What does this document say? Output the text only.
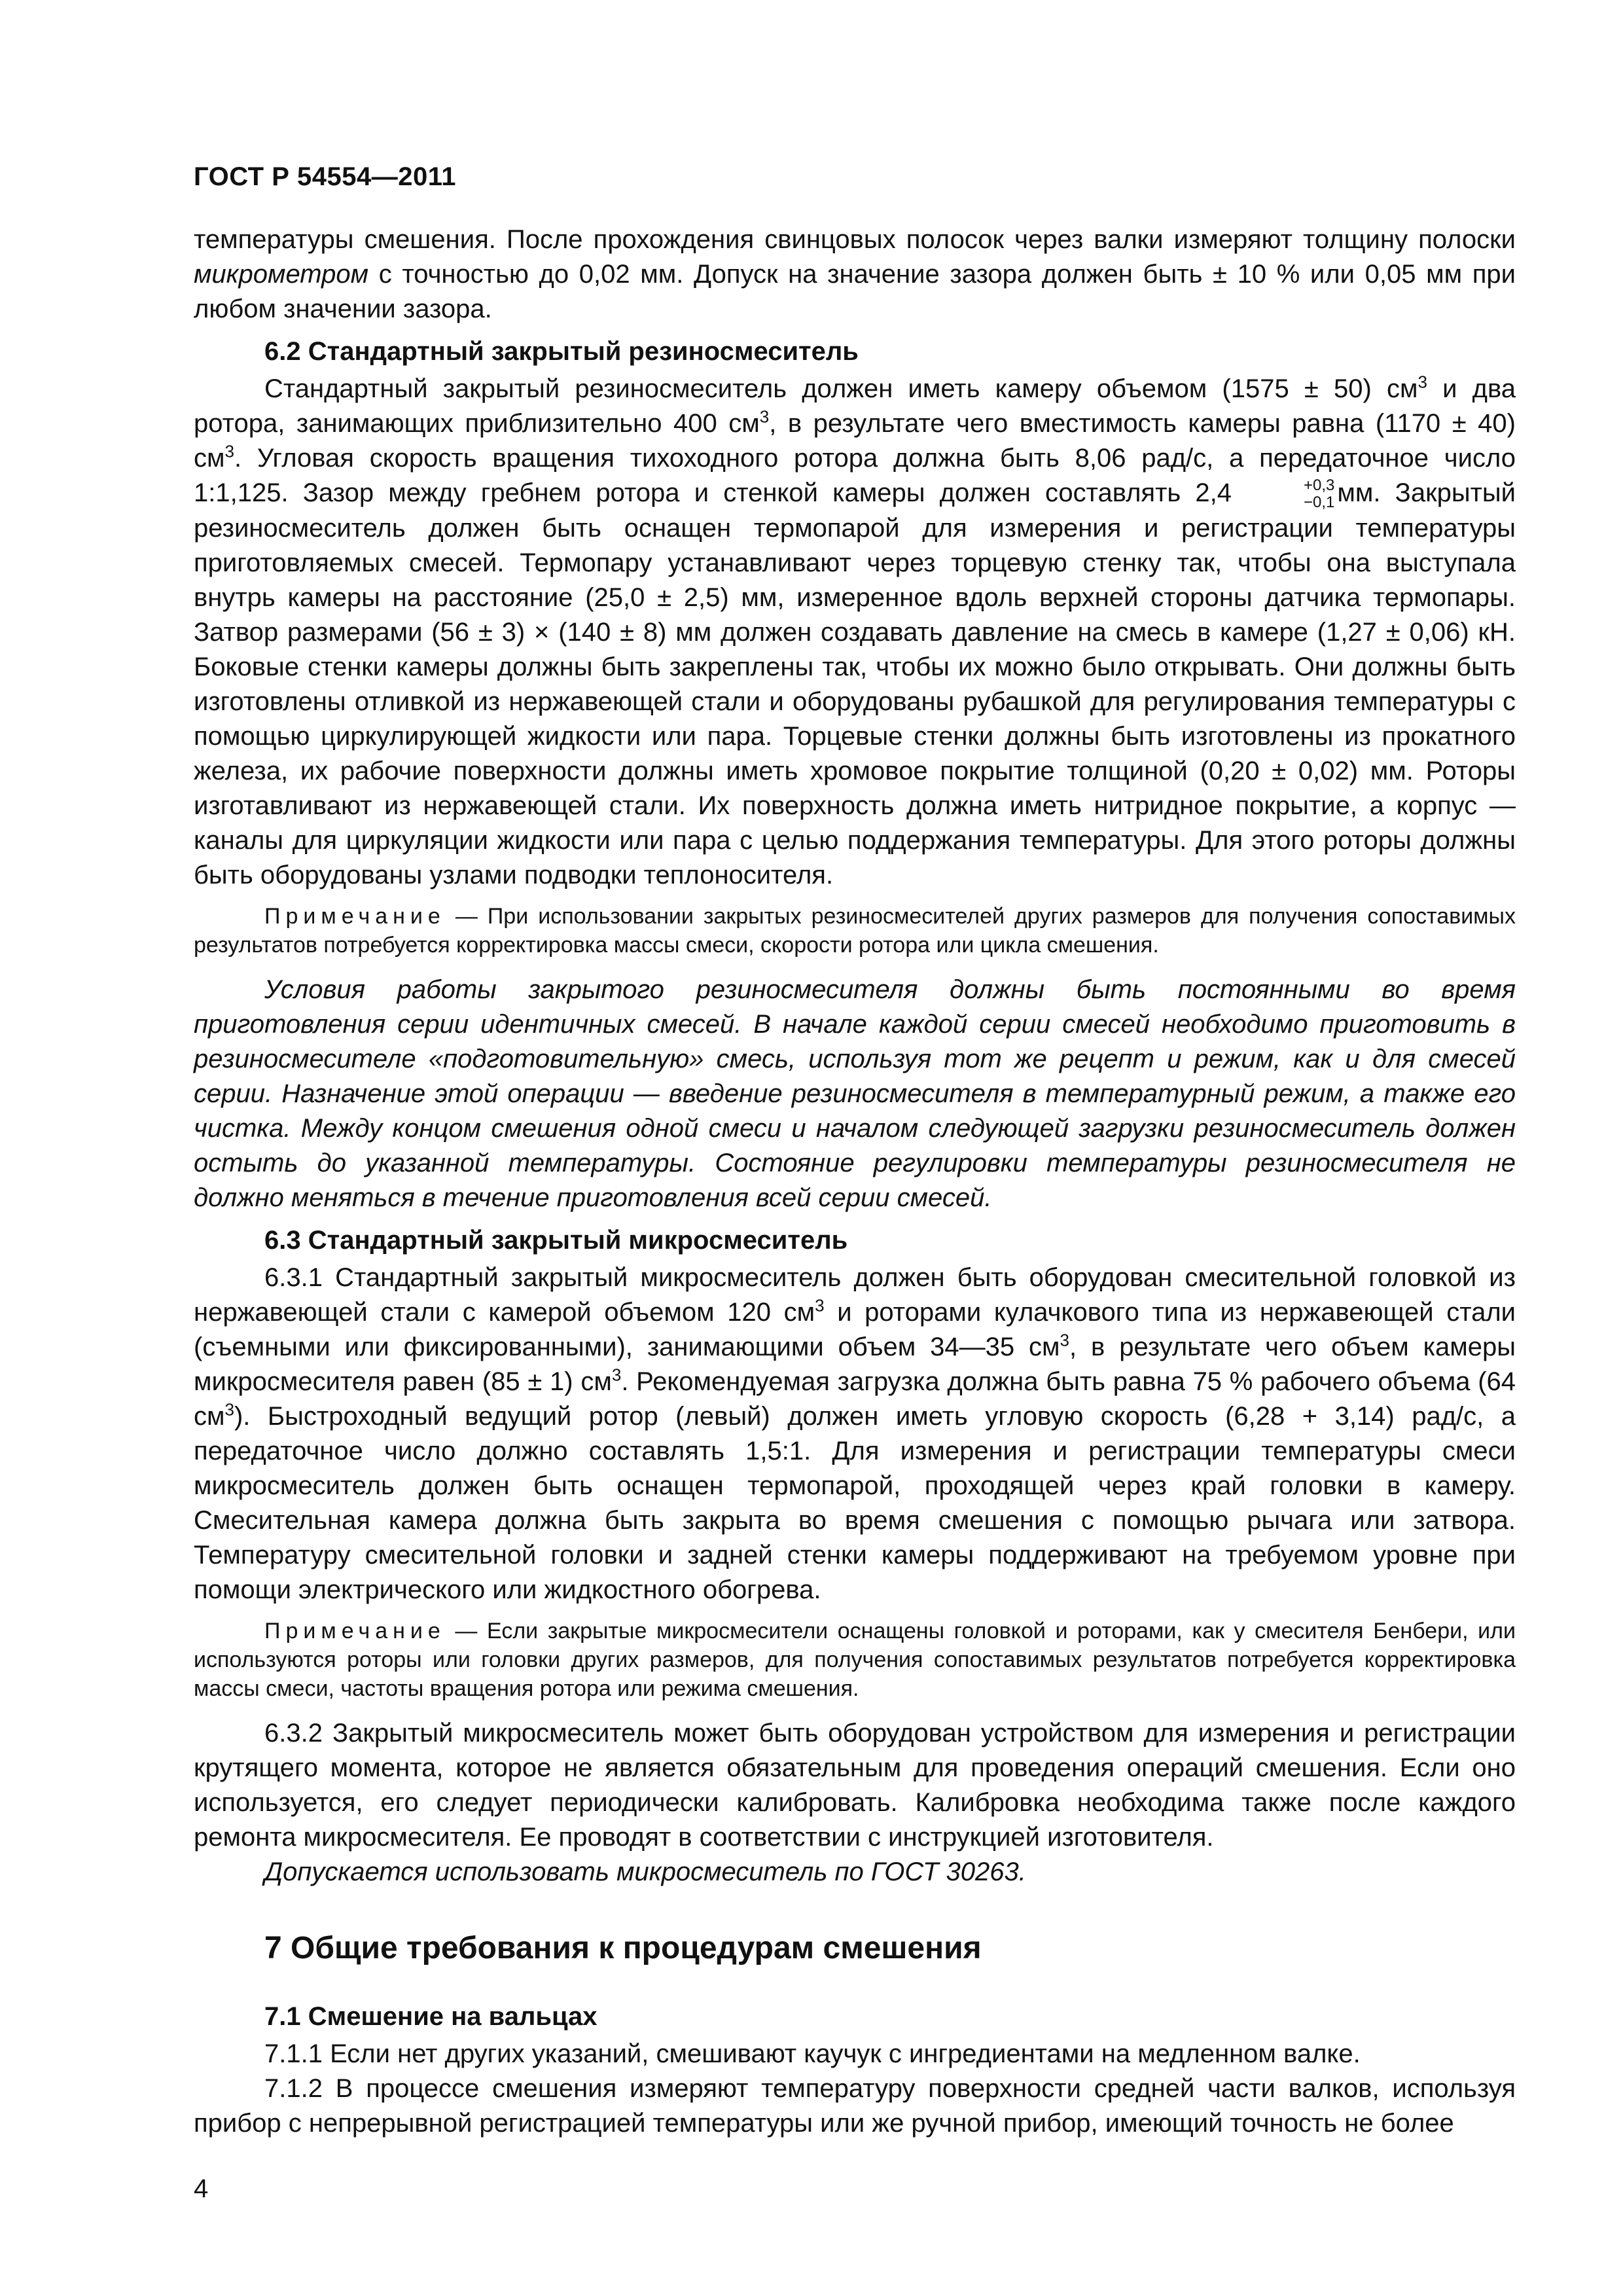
ГОСТ Р 54554—2011

температуры смешения. После прохождения свинцовых полосок через валки измеряют толщину полоски микрометром с точностью до 0,02 мм. Допуск на значение зазора должен быть ± 10 % или 0,05 мм при любом значении зазора.

6.2 Стандартный закрытый резиносмеситель

Стандартный закрытый резиносмеситель должен иметь камеру объемом (1575 ± 50) $см^3$ и два ротора, занимающих приблизительно 400 $см^3$, в результате чего вместимость камеры равна (1170 ± 40) $см^3$. Угловая скорость вращения тихоходного ротора должна быть 8,06 рад/с, а передаточное число 1:1,125. Зазор между гребнем ротора и стенкой камеры должен составлять 2,4	+0,3
−0,1 мм. Закрытый резиносмеситель должен быть оснащен термопарой для измерения и регистрации температуры приготовляемых смесей. Термопару устанавливают через торцевую стенку так, чтобы она выступала внутрь камеры на расстояние (25,0 ± 2,5) мм, измеренное вдоль верхней стороны датчика термопары. Затвор размерами (56 ± 3) × (140 ± 8) мм должен создавать давление на смесь в камере (1,27 ± 0,06) кН. Боковые стенки камеры должны быть закреплены так, чтобы их можно было открывать. Они должны быть изготовлены отливкой из нержавеющей стали и оборудованы рубашкой для регулирования температуры с помощью циркулирующей жидкости или пара. Торцевые стенки должны быть изготовлены из прокатного железа, их рабочие поверхности должны иметь хромовое покрытие толщиной (0,20 ± 0,02) мм. Роторы изготавливают из нержавеющей стали. Их поверхность должна иметь нитридное покрытие, а корпус — каналы для циркуляции жидкости или пара с целью поддержания температуры. Для этого роторы должны быть оборудованы узлами подводки теплоносителя.

Примечание — При использовании закрытых резиносмесителей других размеров для получения сопоставимых результатов потребуется корректировка массы смеси, скорости ротора или цикла смешения.

Условия работы закрытого резиносмесителя должны быть постоянными во время приготовления серии идентичных смесей. В начале каждой серии смесей необходимо приготовить в резиносмесителе «подготовительную» смесь, используя тот же рецепт и режим, как и для смесей серии. Назначение этой операции — введение резиносмесителя в температурный режим, а также его чистка. Между концом смешения одной смеси и началом следующей загрузки резиносмеситель должен остыть до указанной температуры. Состояние регулировки температуры резиносмесителя не должно меняться в течение приготовления всей серии смесей.

6.3 Стандартный закрытый микросмеситель

6.3.1 Стандартный закрытый микросмеситель должен быть оборудован смесительной головкой из нержавеющей стали с камерой объемом 120 $см^3$ и роторами кулачкового типа из нержавеющей стали (съемными или фиксированными), занимающими объем 34—35 $см^3$, в результате чего объем камеры микросмесителя равен (85 ± 1) $см^3$. Рекомендуемая загрузка должна быть равна 75 % рабочего объема (64 $см^3$). Быстроходный ведущий ротор (левый) должен иметь угловую скорость (6,28 + 3,14) рад/с, а передаточное число должно составлять 1,5:1. Для измерения и регистрации температуры смеси микросмеситель должен быть оснащен термопарой, проходящей через край головки в камеру. Смесительная камера должна быть закрыта во время смешения с помощью рычага или затвора. Температуру смесительной головки и задней стенки камеры поддерживают на требуемом уровне при помощи электрического или жидкостного обогрева.

Примечание — Если закрытые микросмесители оснащены головкой и роторами, как у смесителя Бенбери, или используются роторы или головки других размеров, для получения сопоставимых результатов потребуется корректировка массы смеси, частоты вращения ротора или режима смешения.

6.3.2 Закрытый микросмеситель может быть оборудован устройством для измерения и регистрации крутящего момента, которое не является обязательным для проведения операций смешения. Если оно используется, его следует периодически калибровать. Калибровка необходима также после каждого ремонта микросмесителя. Ее проводят в соответствии с инструкцией изготовителя.

Допускается использовать микросмеситель по ГОСТ 30263.

7 Общие требования к процедурам смешения
7.1 Смешение на вальцах

7.1.1 Если нет других указаний, смешивают каучук с ингредиентами на медленном валке.

7.1.2 В процессе смешения измеряют температуру поверхности средней части валков, используя прибор с непрерывной регистрацией температуры или же ручной прибор, имеющий точность не более

4
